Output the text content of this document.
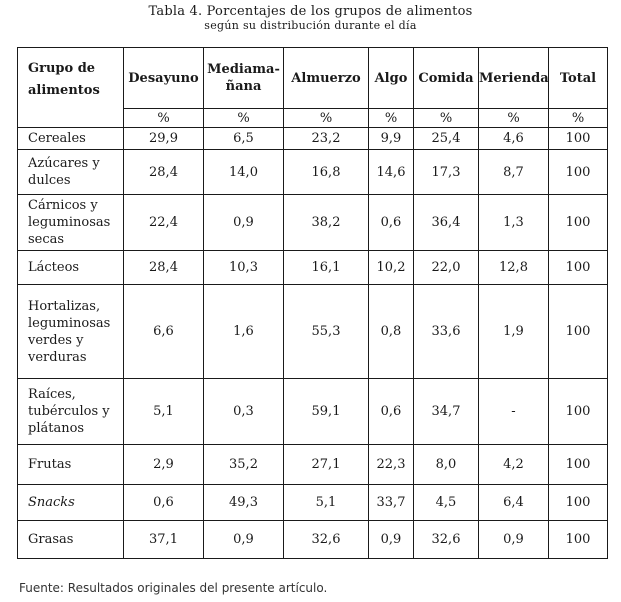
Tabla 4. Porcentajes de los grupos de alimentos
según su distribución durante el día
Grupo de alimentos	Desayuno	Mediama-ñana	Almuerzo	Algo	Comida	Merienda	Total
	%	%	%	%	%	%	%
Cereales	29,9	6,5	23,2	9,9	25,4	4,6	100
Azúcares y dulces	28,4	14,0	16,8	14,6	17,3	8,7	100
Cárnicos y leguminosas secas	22,4	0,9	38,2	0,6	36,4	1,3	100
Lácteos	28,4	10,3	16,1	10,2	22,0	12,8	100
Hortalizas, leguminosas verdes y verduras	6,6	1,6	55,3	0,8	33,6	1,9	100
Raíces, tubérculos y plátanos	5,1	0,3	59,1	0,6	34,7	-	100
Frutas	2,9	35,2	27,1	22,3	8,0	4,2	100
Snacks	0,6	49,3	5,1	33,7	4,5	6,4	100
Grasas	37,1	0,9	32,6	0,9	32,6	0,9	100
Fuente: Resultados originales del presente artículo.
